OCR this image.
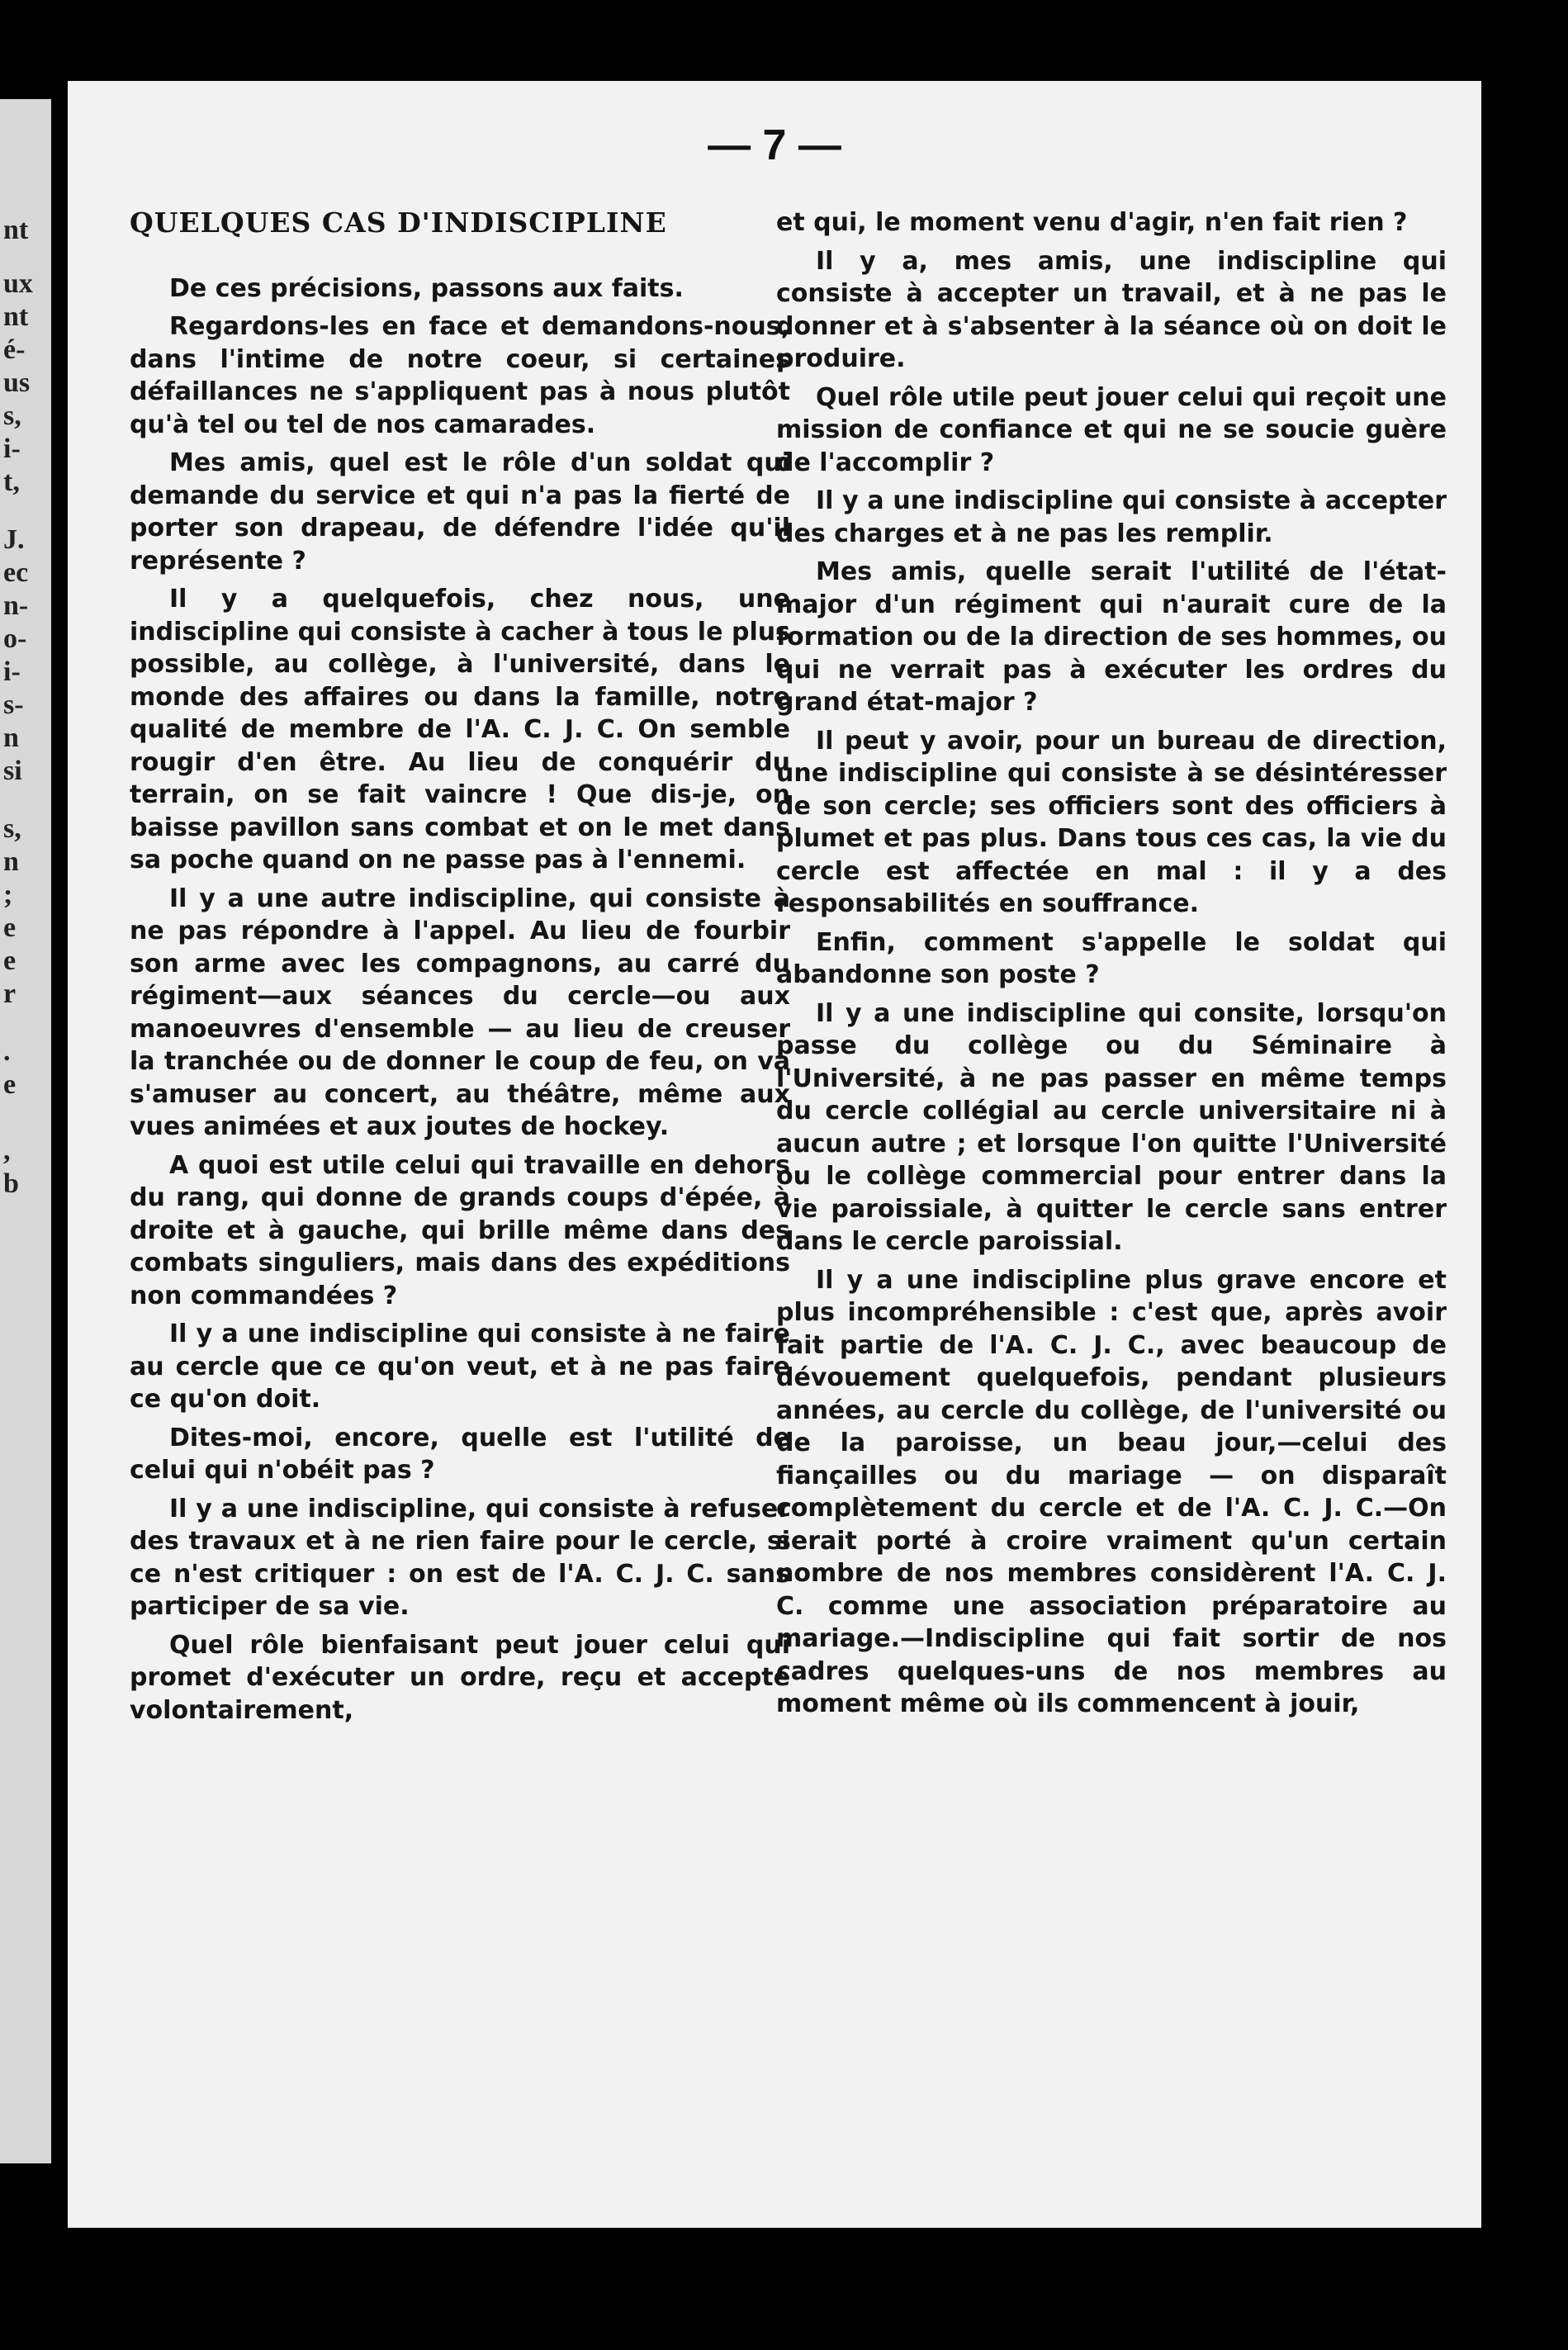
nt
ux
nt
é-
us
s,
i-
t,
J.
ec
n-
o-
i-
s-
n
si
s,
n
;
e
e
r
.
e
,
b
— 7 —
QUELQUES CAS D'INDISCIPLINE

De ces précisions, passons aux faits.

Regardons-les en face et demandons-nous, dans l'intime de notre coeur, si certaines défaillances ne s'appliquent pas à nous plutôt qu'à tel ou tel de nos camarades.

Mes amis, quel est le rôle d'un soldat qui demande du service et qui n'a pas la fierté de porter son drapeau, de défendre l'idée qu'il représente ?

Il y a quelquefois, chez nous, une indiscipline qui consiste à cacher à tous le plus possible, au collège, à l'université, dans le monde des affaires ou dans la famille, notre qualité de membre de l'A. C. J. C. On semble rougir d'en être. Au lieu de conquérir du terrain, on se fait vaincre ! Que dis-je, on baisse pavillon sans combat et on le met dans sa poche quand on ne passe pas à l'ennemi.

Il y a une autre indiscipline, qui consiste à ne pas répondre à l'appel. Au lieu de fourbir son arme avec les compagnons, au carré du régiment—aux séances du cercle—ou aux manoeuvres d'ensemble — au lieu de creuser la tranchée ou de donner le coup de feu, on va s'amuser au concert, au théâtre, même aux vues animées et aux joutes de hockey.

A quoi est utile celui qui travaille en dehors du rang, qui donne de grands coups d'épée, à droite et à gauche, qui brille même dans des combats singuliers, mais dans des expéditions non commandées ?

Il y a une indiscipline qui consiste à ne faire au cercle que ce qu'on veut, et à ne pas faire ce qu'on doit.

Dites-moi, encore, quelle est l'utilité de celui qui n'obéit pas ?

Il y a une indiscipline, qui consiste à refuser des travaux et à ne rien faire pour le cercle, si ce n'est critiquer : on est de l'A. C. J. C. sans participer de sa vie.

Quel rôle bienfaisant peut jouer celui qui promet d'exécuter un ordre, reçu et accepté volontairement,

et qui, le moment venu d'agir, n'en fait rien ?

Il y a, mes amis, une indiscipline qui consiste à accepter un travail, et à ne pas le donner et à s'absenter à la séance où on doit le produire.

Quel rôle utile peut jouer celui qui reçoit une mission de confiance et qui ne se soucie guère de l'accomplir ?

Il y a une indiscipline qui consiste à accepter des charges et à ne pas les remplir.

Mes amis, quelle serait l'utilité de l'état-major d'un régiment qui n'aurait cure de la formation ou de la direction de ses hommes, ou qui ne verrait pas à exécuter les ordres du grand état-major ?

Il peut y avoir, pour un bureau de direction, une indiscipline qui consiste à se désintéresser de son cercle; ses officiers sont des officiers à plumet et pas plus. Dans tous ces cas, la vie du cercle est affectée en mal : il y a des responsabilités en souffrance.

Enfin, comment s'appelle le soldat qui abandonne son poste ?

Il y a une indiscipline qui consite, lorsqu'on passe du collège ou du Séminaire à l'Université, à ne pas passer en même temps du cercle collégial au cercle universitaire ni à aucun autre ; et lorsque l'on quitte l'Université ou le collège commercial pour entrer dans la vie paroissiale, à quitter le cercle sans entrer dans le cercle paroissial.

Il y a une indiscipline plus grave encore et plus incompréhensible : c'est que, après avoir fait partie de l'A. C. J. C., avec beaucoup de dévouement quelquefois, pendant plusieurs années, au cercle du collège, de l'université ou de la paroisse, un beau jour,—celui des fiançailles ou du mariage — on disparaît complètement du cercle et de l'A. C. J. C.—On serait porté à croire vraiment qu'un certain nombre de nos membres considèrent l'A. C. J. C. comme une association préparatoire au mariage.—Indiscipline qui fait sortir de nos cadres quelques-uns de nos membres au moment même où ils commencent à jouir,
